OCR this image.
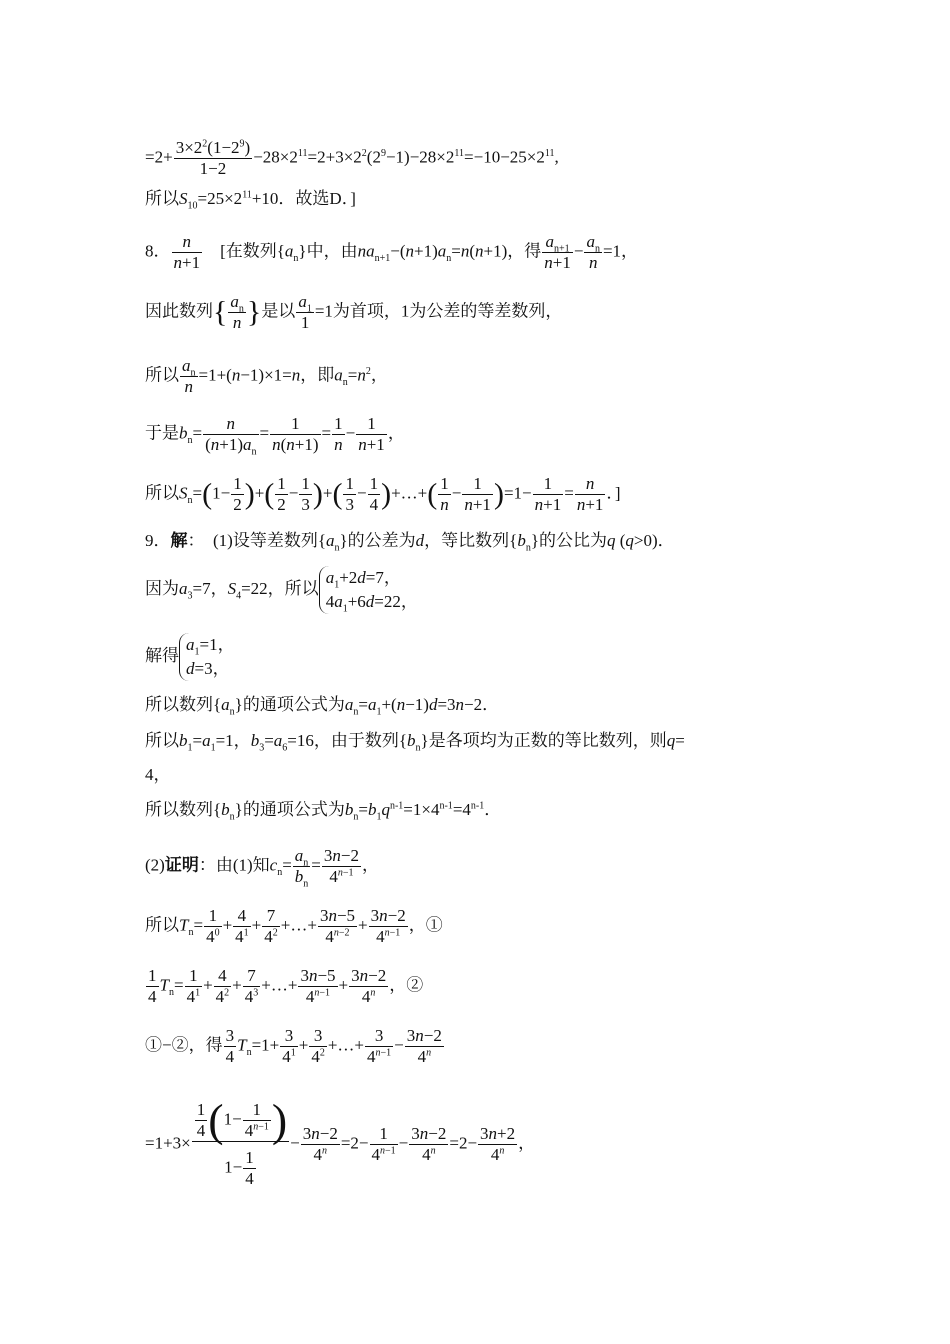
$=2+ \frac{3\times 2^2(1-2^9)}{1-2} -28\times 2^{11}=2+3\times 2^2(2^9-1)-28\times 2^{11}=-10-25\times 2^{11}$,
所以$S_{10}=25\times 2^{11}+10$．故选D．]
8． $\frac{n}{n+1}$ 　[在数列$\{a_n\}$中，由$na_{n+1}-(n+1)a_n=n(n+1)$，得 $\frac{a_{n+1}}{n+1} - \frac{a_n}{n} =1$，
因此数列{ $\frac{a_n}{n}$ }是以 $\frac{a_1}{1} =1$为首项，1为公差的等差数列，
所以 $\frac{a_n}{n} =1+(n-1)\times 1=n$，即$a_n=n^2$，
于是$b_n= \frac{n}{(n+1)a_n} = \frac{1}{n(n+1)} = \frac{1}{n} - \frac{1}{n+1}$ ，
所以$S_n=(1- \frac{1}{2}$ )+( $\frac{1}{2} - \frac{1}{3}$ )+( $\frac{1}{3} - \frac{1}{4}$ )+…+( $\frac{1}{n} - \frac{1}{n+1} )=1- \frac{1}{n+1} = \frac{n}{n+1}$ ．]
9．解：　(1)设等差数列$\{a_n\}$的公差为d，等比数列$\{b_n\}$的公比为q (q>0)．
因为$a_3=7$，$S_4=22$，所以$a_1+2d=7$，
$4a_1+6d=22$，
解得$a_1=1$，
d=3，
所以数列$\{a_n\}$的通项公式为$a_n=a_1+(n-1)d=3n-2$．
所以$b_1=a_1=1$，$b_3=a_6=16$，由于数列$\{b_n\}$是各项均为正数的等比数列，则q=
4，
所以数列$\{b_n\}$的通项公式为$b_n=b_1q^{n-1}=1\times 4^{n-1}=4^{n-1}$．
(2)证明：由(1)知$c_n= \frac{a_n}{b_n} = \frac{3n-2}{4^{n-1}}$ ，
所以$T_n= \frac{1}{4^0} + \frac{4}{4^1} + \frac{7}{4^2}$ +…+ $\frac{3n-5}{4^{n-2}} + \frac{3n-2}{4^{n-1}}$ ，①
$\frac{1}{4} T_n= \frac{1}{4^1} + \frac{4}{4^2} + \frac{7}{4^3}$ +…+ $\frac{3n-5}{4^{n-1}} + \frac{3n-2}{4^n}$ ，②
①−②，得 $\frac{3}{4} T_n=1+ \frac{3}{4^1} + \frac{3}{4^2}$ +…+ $\frac{3}{4^{n-1}} - \frac{3n-2}{4^n}$
$=1+3\times \frac{\frac{1}{4} (1- \frac{1}{4^{n-1}} )}{1- \frac{1}{4}} - \frac{3n-2}{4^n} =2- \frac{1}{4^{n-1}} - \frac{3n-2}{4^n} =2- \frac{3n+2}{4^n}$ ，
